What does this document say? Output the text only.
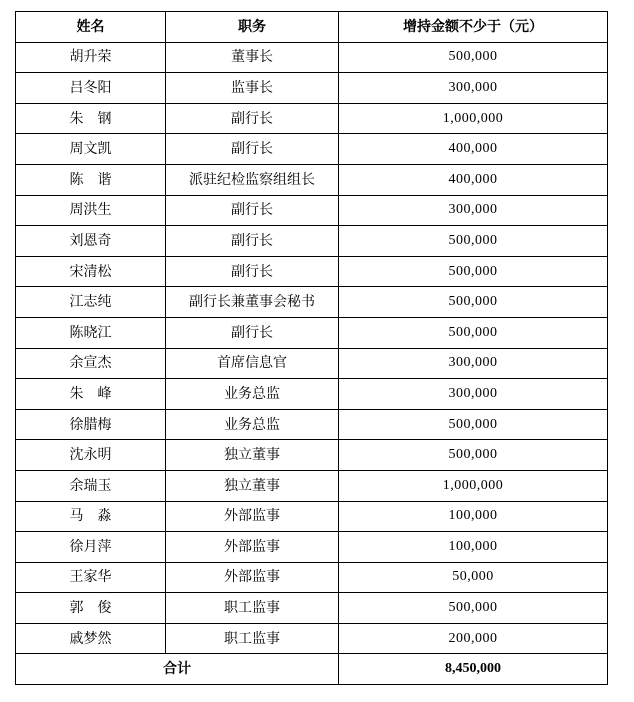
姓名	职务	增持金额不少于（元）
胡升荣	董事长	500,000
吕冬阳	监事长	300,000
朱　钢	副行长	1,000,000
周文凯	副行长	400,000
陈　谐	派驻纪检监察组组长	400,000
周洪生	副行长	300,000
刘恩奇	副行长	500,000
宋清松	副行长	500,000
江志纯	副行长兼董事会秘书	500,000
陈晓江	副行长	500,000
余宣杰	首席信息官	300,000
朱　峰	业务总监	300,000
徐腊梅	业务总监	500,000
沈永明	独立董事	500,000
余瑞玉	独立董事	1,000,000
马　淼	外部监事	100,000
徐月萍	外部监事	100,000
王家华	外部监事	50,000
郭　俊	职工监事	500,000
戚梦然	职工监事	200,000
合计		8,450,000
